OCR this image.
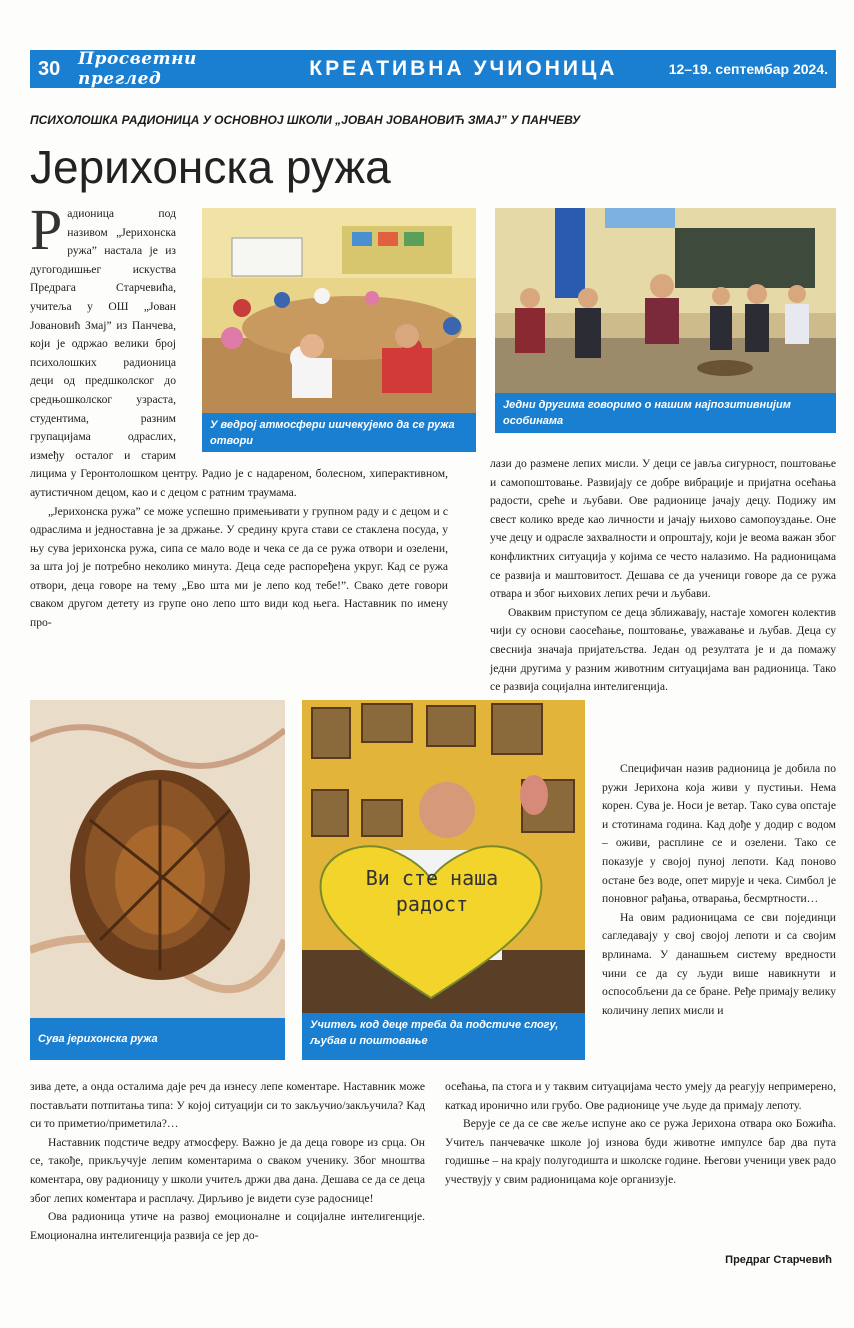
30	Просветни преглед	КРЕАТИВНА УЧИОНИЦА	12–19. септембар 2024.
ПСИХОЛОШКА РАДИОНИЦА У ОСНОВНОЈ ШКОЛИ „ЈОВАН ЈОВАНОВИЋ ЗМАЈ” У ПАНЧЕВУ
Јерихонска ружа

Радионица под називом „Јерихонска ружа” настала је из дугогодишњег искуства Предрага Старчевића, учитеља у ОШ „Јован Јовановић Змај” из Панчева, који је одржао велики број психолошких радионица деци од предшколског до средњошколског узраста, студентима, разним групацијама одраслих, између осталог и старим лицима у Геронтолошком центру. Радио је с надареном, болесном, хиперактивном, аутистичном децом, као и с децом с ратним траумама.

„Јерихонска ружа” се може успешно примењивати у групном раду и с децом и с одраслима и једноставна је за држање. У средину круга стави се стаклена посуда, у њу сува јерихонска ружа, сипа се мало воде и чека се да се ружа отвори и озелени, за шта јој је потребно неколико минута. Деца седе распоређена укруг. Кад се ружа отвори, деца говоре на тему „Ево шта ми је лепо код тебе!”. Свако дете говори сваком другом детету из групе оно лепо што види код њега. Наставник по имену про-

У ведрој атмосфери ишчекујемо да се ружа отвори
Једни другима говоримо о нашим најпозитивнијим особинама

лази до размене лепих мисли. У деци се јавља сигурност, поштовање и самопоштовање. Развијају се добре вибрације и пријатна осећања радости, среће и љубави. Ове радионице јачају децу. Подижу им свест колико вреде као личности и јачају њихово самопоуздање. Оне уче децу и одрасле захвалности и опроштају, који је веома важан због конфликтних ситуација у којима се често налазимо. На радионицама се развија и маштовитост. Дешава се да ученици говоре да се ружа отвара и због њихових лепих речи и љубави.

Оваквим приступом се деца зближавају, настаје хомоген колектив чији су основи саосећање, поштовање, уважавање и љубав. Деца су свесниja значаја пријатељства. Један од резултата је и да помажу једни другима у разним животним ситуацијама ван радионица. Тако се развија социјална интелигенција.

Специфичан назив радионица је добила по ружи Јерихона која живи у пустињи. Нема корен. Сува је. Носи је ветар. Тако сува опстаје и стотинама година. Кад дође у додир с водом – оживи, расплине се и озелени. Тако се показује у својој пуној лепоти. Кад поново остане без воде, опет мирује и чека. Симбол је поновног рађања, отварања, бесмртности…

На овим радионицама се сви појединци сагледавају у свој својој лепоти и са својим врлинама. У данашњем систему вредности чини се да су људи више навикнути и оспособљени да се бране. Ређе примају велику количину лепих мисли и

Сува јерихонска ружа
Ви сте наша радост
Учитељ код деце треба да подстиче слогу, љубав и поштовање

зива дете, а онда осталима даје реч да изнесу лепе коментаре. Наставник може постављати потпитања типа: У којој ситуацији си то закључио/закључила? Кад си то приметио/приметила?…

Наставник подстиче ведру атмосферу. Важно је да деца говоре из срца. Он се, такође, прикључује лепим коментарима о сваком ученику. Због мноштва коментара, ову радионицу у школи учитељ држи два дана. Дешава се да се деца због лепих коментара и расплачу. Дирљиво је видети сузе радоснице!

Ова радионица утиче на развој емоционалне и социјалне интелигенције. Емоционална интелигенција развија се јер до-

осећања, па стога и у таквим ситуацијама често умеју да реагују непримерено, каткад иронично или грубо. Ове радионице уче људе да примају лепоту.

Верује се да се све жеље испуне ако се ружа Јерихона отвара око Божића. Учитељ панчевачке школе јој изнова буди животне импулсе бар два пута годишње – на крају полугодишта и школске године. Његови ученици увек радо учествују у свим радионицама које организује.

Предраг Старчевић
